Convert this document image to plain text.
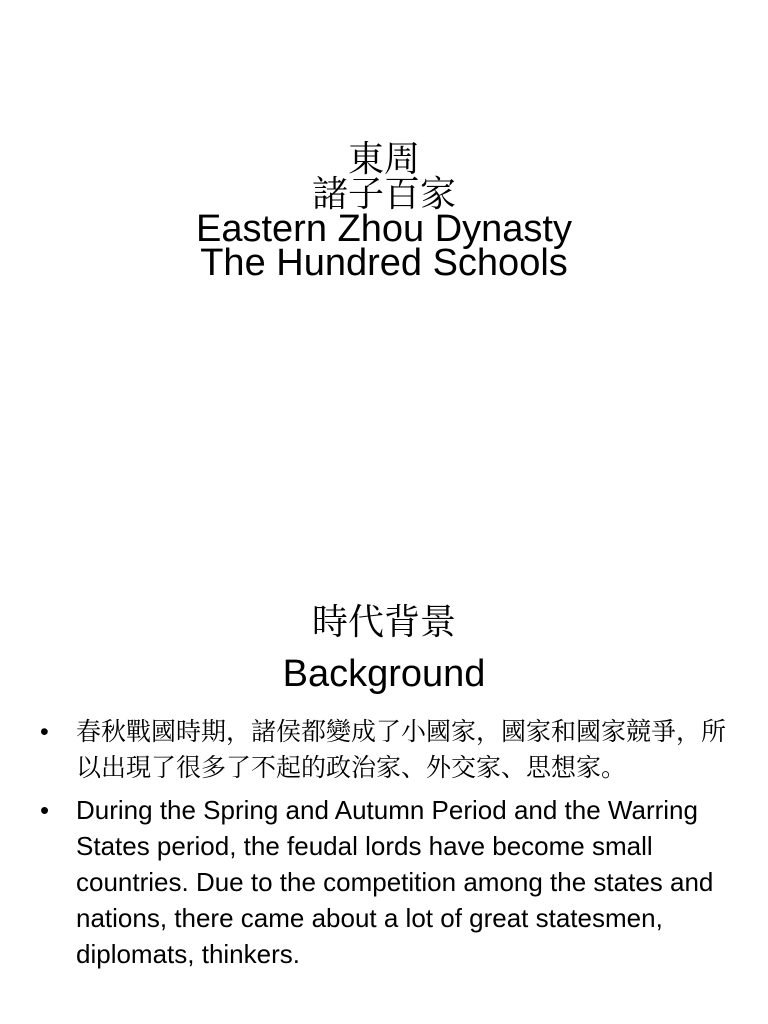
東周
諸子百家
Eastern Zhou Dynasty
The Hundred Schools
時代背景
Background
• 春秋戰國時期，諸侯都變成了小國家，國家和國家競爭，所以出現了很多了不起的政治家、外交家、思想家。
• During the Spring and Autumn Period and the Warring States period, the feudal lords have become small countries. Due to the competition among the states and nations, there came about a lot of great statesmen, diplomats, thinkers.
